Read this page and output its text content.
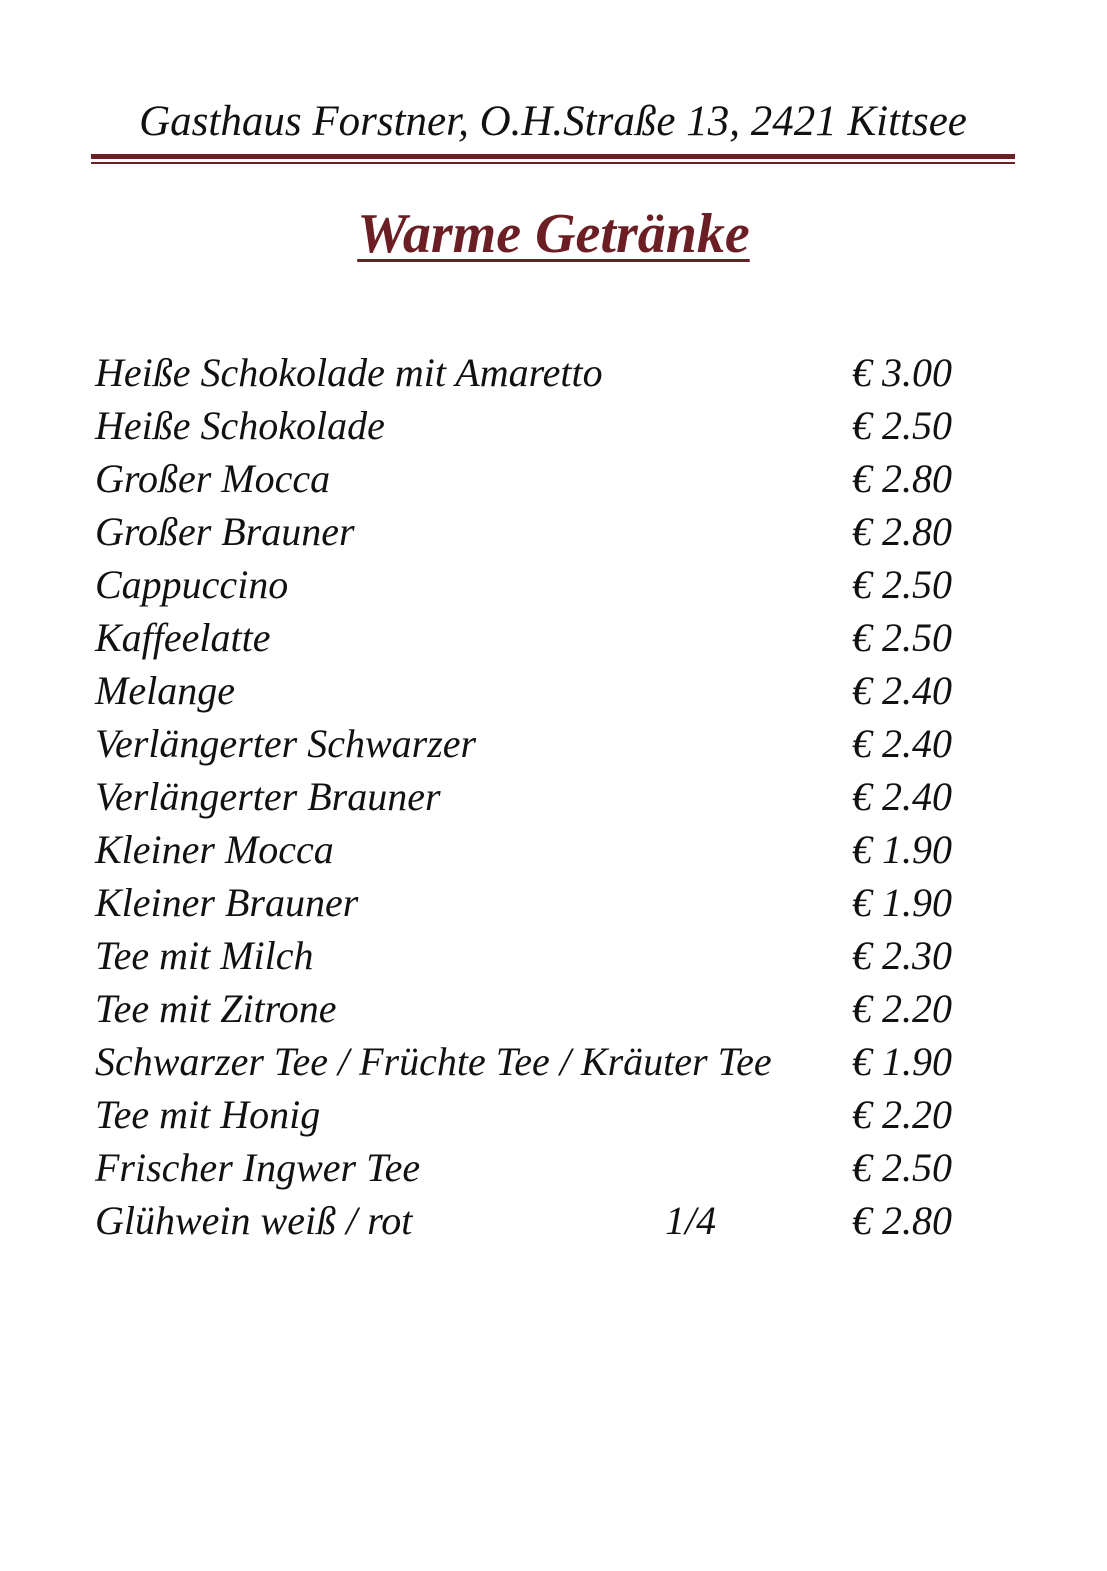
Gasthaus Forstner, O.H.Straße 13, 2421 Kittsee
Warme Getränke
Heiße Schokolade mit Amaretto	€ 3.00
Heiße Schokolade	€ 2.50
Großer Mocca	€ 2.80
Großer Brauner	€ 2.80
Cappuccino	€ 2.50
Kaffeelatte	€ 2.50
Melange	€ 2.40
Verlängerter Schwarzer	€ 2.40
Verlängerter Brauner	€ 2.40
Kleiner Mocca	€ 1.90
Kleiner Brauner	€ 1.90
Tee mit Milch	€ 2.30
Tee mit Zitrone	€ 2.20
Schwarzer Tee / Früchte Tee / Kräuter Tee € 1.90
Tee mit Honig	€ 2.20
Frischer Ingwer Tee	€ 2.50
Glühwein weiß / rot	1/4	€ 2.80
